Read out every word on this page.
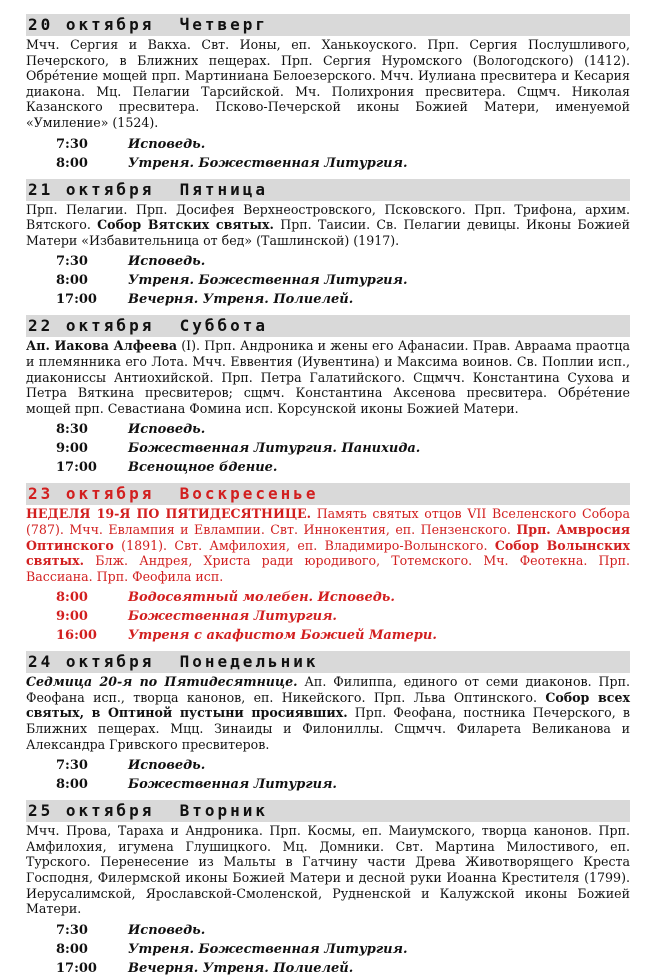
20 октября  Четверг
Мчч. Сергия и Вакха. Свт. Ионы, еп. Ханькоуского. Прп. Сергия Послушливого, Печерского, в Ближних пещерах. Прп. Сергия Нуромского (Вологодского) (1412). Обре́тение мощей прп. Мартиниана Белоезерского. Мчч. Иулиана пресвитера и Кесария диакона. Мц. Пелагии Тарсийской. Мч. Полихрония пресвитера. Сщмч. Николая Казанского пресвитера. Псково-Печерской иконы Божией Матери, именуемой «Умиление» (1524).
7:30	Исповедь.
8:00	Утреня. Божественная Литургия.
21 октября  Пятница
Прп. Пелагии. Прп. Досифея Верхнеостровского, Псковского. Прп. Трифона, архим. Вятского. Собор Вятских святых. Прп. Таисии. Св. Пелагии девицы. Иконы Божией Матери «Избавительница от бед» (Ташлинской) (1917).
7:30	Исповедь.
8:00	Утреня. Божественная Литургия.
17:00	Вечерня. Утреня. Полиелей.
22 октября  Суббота
Ап. Иакова Алфеева (I). Прп. Андроника и жены его Афанасии. Прав. Авраама праотца и племянника его Лота. Мчч. Еввентия (Иувентина) и Максима воинов. Св. Поплии исп., диакониссы Антиохийской. Прп. Петра Галатийского. Сщмчч. Константина Сухова и Петра Вяткина пресвитеров; сщмч. Константина Аксенова пресвитера. Обре́тение мощей прп. Севастиана Фомина исп. Корсунской иконы Божией Матери.
8:30	Исповедь.
9:00	Божественная Литургия. Панихида.
17:00	Всенощное бдение.
23 октября  Воскресенье
НЕДЕЛЯ 19-Я ПО ПЯТИДЕСЯТНИЦЕ. Память святых отцов VII Вселенского Собора (787). Мчч. Евлампия и Евлампии. Свт. Иннокентия, еп. Пензенского. Прп. Амвросия Оптинского (1891). Свт. Амфилохия, еп. Владимиро-Волынского. Собор Волынских святых. Блж. Андрея, Христа ради юродивого, Тотемского. Мч. Феотекна. Прп. Вассиана. Прп. Феофила исп.
8:00	Водосвятный молебен. Исповедь.
9:00	Божественная Литургия.
16:00	Утреня с акафистом Божией Матери.
24 октября  Понедельник
Седмица 20-я по Пятидесятнице. Ап. Филиппа, единого от семи диаконов. Прп. Феофана исп., творца канонов, еп. Никейского. Прп. Льва Оптинского. Собор всех святых, в Оптиной пустыни просиявших. Прп. Феофана, постника Печерского, в Ближних пещерах. Мцц. Зинаиды и Филониллы. Сщмчч. Филарета Великанова и Александра Гривского пресвитеров.
7:30	Исповедь.
8:00	Божественная Литургия.
25 октября  Вторник
Мчч. Прова, Тараха и Андроника. Прп. Космы, еп. Маиумского, творца канонов. Прп. Амфилохия, игумена Глушицкого. Мц. Домники. Свт. Мартина Милостивого, еп. Турского. Перенесение из Мальты в Гатчину части Древа Животворящего Креста Господня, Филермской иконы Божией Матери и десной руки Иоанна Крестителя (1799). Иерусалимской, Ярославской-Смоленской, Рудненской и Калужской иконы Божией Матери.
7:30	Исповедь.
8:00	Утреня. Божественная Литургия.
17:00	Вечерня. Утреня. Полиелей.
